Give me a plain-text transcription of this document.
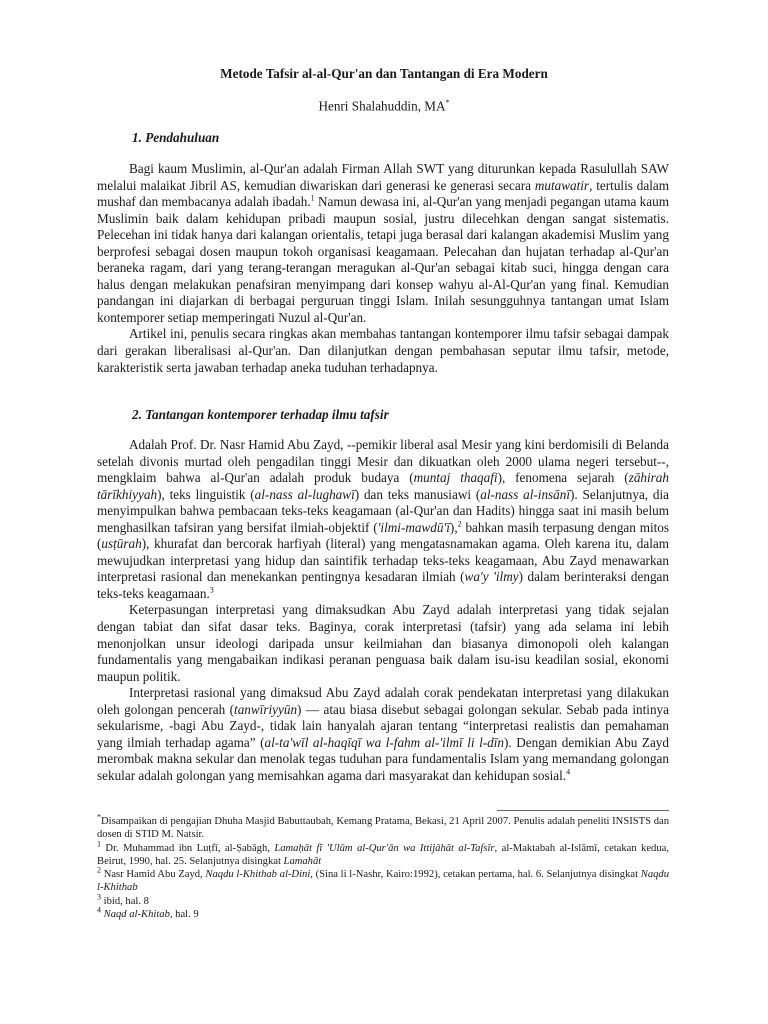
Metode Tafsir al-al-Qur'an dan Tantangan di Era Modern
Henri Shalahuddin, MA*
1. Pendahuluan

Bagi kaum Muslimin, al-Qur'an adalah Firman Allah SWT yang diturunkan kepada Rasulullah SAW melalui malaikat Jibril AS, kemudian diwariskan dari generasi ke generasi secara mutawatir, tertulis dalam mushaf dan membacanya adalah ibadah.$^1$ Namun dewasa ini, al-Qur'an yang menjadi pegangan utama kaum Muslimin baik dalam kehidupan pribadi maupun sosial, justru dilecehkan dengan sangat sistematis. Pelecehan ini tidak hanya dari kalangan orientalis, tetapi juga berasal dari kalangan akademisi Muslim yang berprofesi sebagai dosen maupun tokoh organisasi keagamaan. Pelecahan dan hujatan terhadap al-Qur'an beraneka ragam, dari yang terang-terangan meragukan al-Qur'an sebagai kitab suci, hingga dengan cara halus dengan melakukan penafsiran menyimpang dari konsep wahyu al-Al-Qur'an yang final. Kemudian pandangan ini diajarkan di berbagai perguruan tinggi Islam. Inilah sesungguhnya tantangan umat Islam kontemporer setiap memperingati Nuzul al-Qur'an.

Artikel ini, penulis secara ringkas akan membahas tantangan kontemporer ilmu tafsir sebagai dampak dari gerakan liberalisasi al-Qur'an. Dan dilanjutkan dengan pembahasan seputar ilmu tafsir, metode, karakteristik serta jawaban terhadap aneka tuduhan terhadapnya.

2. Tantangan kontemporer terhadap ilmu tafsir

Adalah Prof. Dr. Nasr Hamid Abu Zayd, --pemikir liberal asal Mesir yang kini berdomisili di Belanda setelah divonis murtad oleh pengadilan tinggi Mesir dan dikuatkan oleh 2000 ulama negeri tersebut--, mengklaim bahwa al-Qur'an adalah produk budaya (muntaj thaqafi), fenomena sejarah (zāhirah tārīkhiyyah), teks linguistik (al-nass al-lughawī) dan teks manusiawi (al-nass al-insānī). Selanjutnya, dia menyimpulkan bahwa pembacaan teks-teks keagamaan (al-Qur'an dan Hadits) hingga saat ini masih belum menghasilkan tafsiran yang bersifat ilmiah-objektif ('ilmi-mawdū'ī),$^2$ bahkan masih terpasung dengan mitos (usṭūrah), khurafat dan bercorak harfiyah (literal) yang mengatasnamakan agama. Oleh karena itu, dalam mewujudkan interpretasi yang hidup dan saintifik terhadap teks-teks keagamaan, Abu Zayd menawarkan interpretasi rasional dan menekankan pentingnya kesadaran ilmiah (wa'y 'ilmy) dalam berinteraksi dengan teks-teks keagamaan.$^3$

Keterpasungan interpretasi yang dimaksudkan Abu Zayd adalah interpretasi yang tidak sejalan dengan tabiat dan sifat dasar teks. Baginya, corak interpretasi (tafsir) yang ada selama ini lebih menonjolkan unsur ideologi daripada unsur keilmiahan dan biasanya dimonopoli oleh kalangan fundamentalis yang mengabaikan indikasi peranan penguasa baik dalam isu-isu keadilan sosial, ekonomi maupun politik.

Interpretasi rasional yang dimaksud Abu Zayd adalah corak pendekatan interpretasi yang dilakukan oleh golongan pencerah (tanwīriyyūn) — atau biasa disebut sebagai golongan sekular. Sebab pada intinya sekularisme, -bagi Abu Zayd-, tidak lain hanyalah ajaran tentang “interpretasi realistis dan pemahaman yang ilmiah terhadap agama” (al-ta'wīl al-haqīqī wa l-fahm al-'ilmī li l-dīn). Dengan demikian Abu Zayd merombak makna sekular dan menolak tegas tuduhan para fundamentalis Islam yang memandang golongan sekular adalah golongan yang memisahkan agama dari masyarakat dan kehidupan sosial.$^4$

*Disampaikan di pengajian Dhuha Masjid Babuttaubah, Kemang Pratama, Bekasi, 21 April 2007. Penulis adalah peneliti INSISTS dan dosen di STID M. Natsir.
$^1$ Dr. Muhammad ibn Luṭfī, al-Ṣabāgh, Lamaḥāt fī 'Ulūm al-Qur'ān wa Ittijāhāt al-Tafsīr, al-Maktabah al-Islāmī, cetakan kedua, Beirut, 1990, hal. 25. Selanjutnya disingkat Lamahāt
$^2$ Nasr Hamid Abu Zayd, Naqdu l-Khithab al-Dini, (Sina li l-Nashr, Kairo:1992), cetakan pertama, hal. 6. Selanjutnya disingkat Naqdu l-Khithab
$^3$ ibid, hal. 8
$^4$ Naqd al-Khitab, hal. 9
